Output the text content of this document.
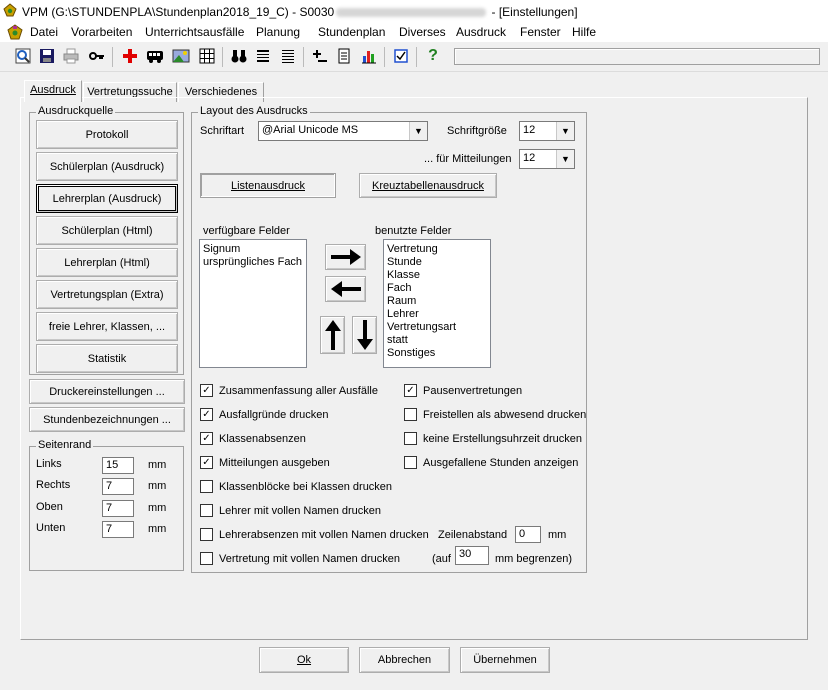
VPM (G:\STUNDENPLA\Stundenplan2018_19_C) - S0030	- [Einstellungen]
Datei Vorarbeiten Unterrichtsausfälle Planung Stundenplan Diverses Ausdruck Fenster Hilfe
?
Ausdruck	Vertretungssuche	Verschiedenes
Ausdruckquelle
Protokoll
Schülerplan (Ausdruck)
Lehrerplan (Ausdruck)
Schülerplan (Html)
Lehrerplan (Html)
Vertretungsplan (Extra)
freie Lehrer, Klassen, ...
Statistik
Druckereinstellungen ...
Stundenbezeichnungen ...
Seitenrand
Links	15	mm
Rechts	7	mm
Oben	7	mm
Unten	7	mm
Layout des Ausdrucks
Schriftart @Arial Unicode MS	▼	Schriftgröße 12	▼
... für Mitteilungen 12	▼
Listenausdruck	Kreuztabellenausdruck
verfügbare Felder
Signum
ursprüngliches Fach
benutzte Felder
Vertretung
Stunde
Klasse
Fach
Raum
Lehrer
Vertretungsart
statt
Sonstiges
✓ Zusammenfassung aller Ausfälle
✓ Ausfallgründe drucken
✓ Klassenabsenzen
✓ Mitteilungen ausgeben
Klassenblöcke bei Klassen drucken
Lehrer mit vollen Namen drucken
Lehrerabsenzen mit vollen Namen drucken
Vertretung mit vollen Namen drucken
✓ Pausenvertretungen
Freistellen als abwesend drucken
keine Erstellungsuhrzeit drucken
Ausgefallene Stunden anzeigen
Zeilenabstand	0	mm
(auf 30	mm begrenzen)
Ok	Abbrechen	Übernehmen
